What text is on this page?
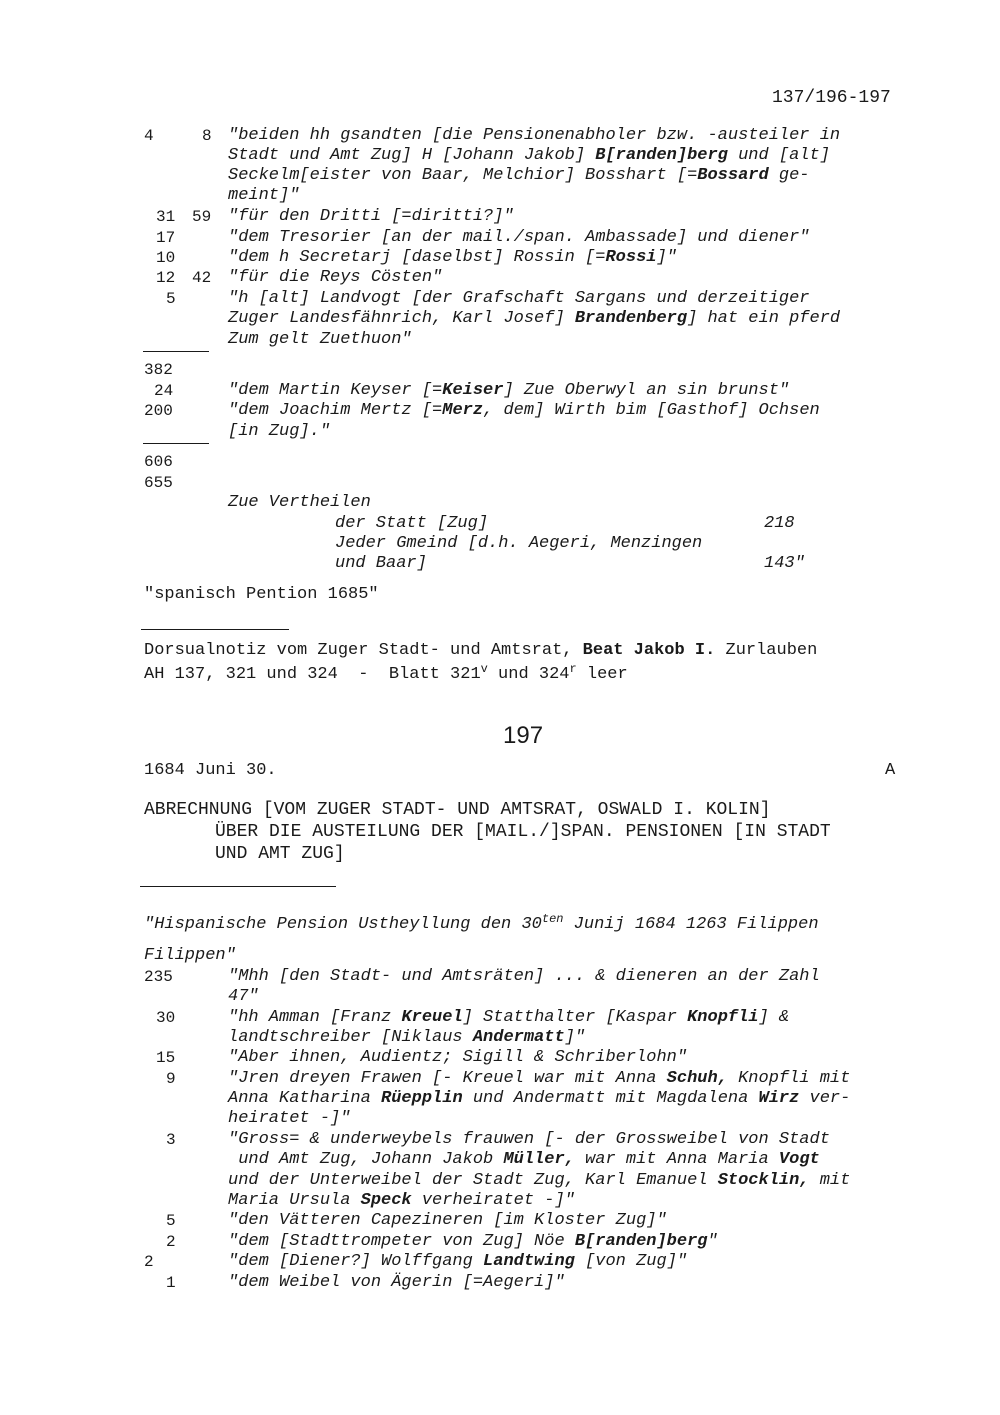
137/196-197
4	8 "beiden hh gsandten [die Pensionenabholer bzw. -austeiler in
Stadt und Amt Zug] H [Johann Jakob] B[randen]berg und [alt]
Seckelm[eister von Baar, Melchior] Bosshart [=Bossard ge-
meint]"
31 59 "für den Dritti [=diritti?]"
17	"dem Tresorier [an der mail./span. Ambassade] und diener"
10	"dem h Secretarj [daselbst] Rossin [=Rossi]"
12 42 "für die Reys Cösten"
5	"h [alt] Landvogt [der Grafschaft Sargans und derzeitiger
Zuger Landesfähnrich, Karl Josef] Brandenberg] hat ein pferd
Zum gelt Zuethuon"
382
24	"dem Martin Keyser [=Keiser] Zue Oberwyl an sin brunst"
200	"dem Joachim Mertz [=Merz, dem] Wirth bim [Gasthof] Ochsen
[in Zug]."
606
655
Zue Vertheilen
der Statt [Zug]	218
Jeder Gmeind [d.h. Aegeri, Menzingen
und Baar]	143"
"spanisch Pention 1685"
Dorsualnotiz vom Zuger Stadt- und Amtsrat, Beat Jakob I. Zurlauben
AH 137, 321 und 324  -  Blatt 321$^v$ und 324$^r$ leer
197
1684 Juni 30.	A
ABRECHNUNG [VOM ZUGER STADT- UND AMTSRAT, OSWALD I. KOLIN]
ÜBER DIE AUSTEILUNG DER [MAIL./]SPAN. PENSIONEN [IN STADT
UND AMT ZUG]
"Hispanische Pension Ustheyllung den $30^{ten}$ Junij 1684 1263 Filippen
Filippen"
235	"Mhh [den Stadt- und Amtsräten] ... & dieneren an der Zahl
47"
30	"hh Amman [Franz Kreuel] Statthalter [Kaspar Knopfli] &
landtschreiber [Niklaus Andermatt]"
15	"Aber ihnen, Audientz; Sigill & Schriberlohn"
9	"Jren dreyen Frawen [- Kreuel war mit Anna Schuh, Knopfli mit
Anna Katharina Rüepplin und Andermatt mit Magdalena Wirz ver-
heiratet -]"
3	"Gross= & underweybels frauwen [- der Grossweibel von Stadt
und Amt Zug, Johann Jakob Müller, war mit Anna Maria Vogt
und der Unterweibel der Stadt Zug, Karl Emanuel Stocklin, mit
Maria Ursula Speck verheiratet -]"
5	"den Vätteren Capezineren [im Kloster Zug]"
2	"dem [Stadttrompeter von Zug] Nöe B[randen]berg"
2	"dem [Diener?] Wolffgang Landtwing [von Zug]"
1	"dem Weibel von Ägerin [=Aegeri]"
